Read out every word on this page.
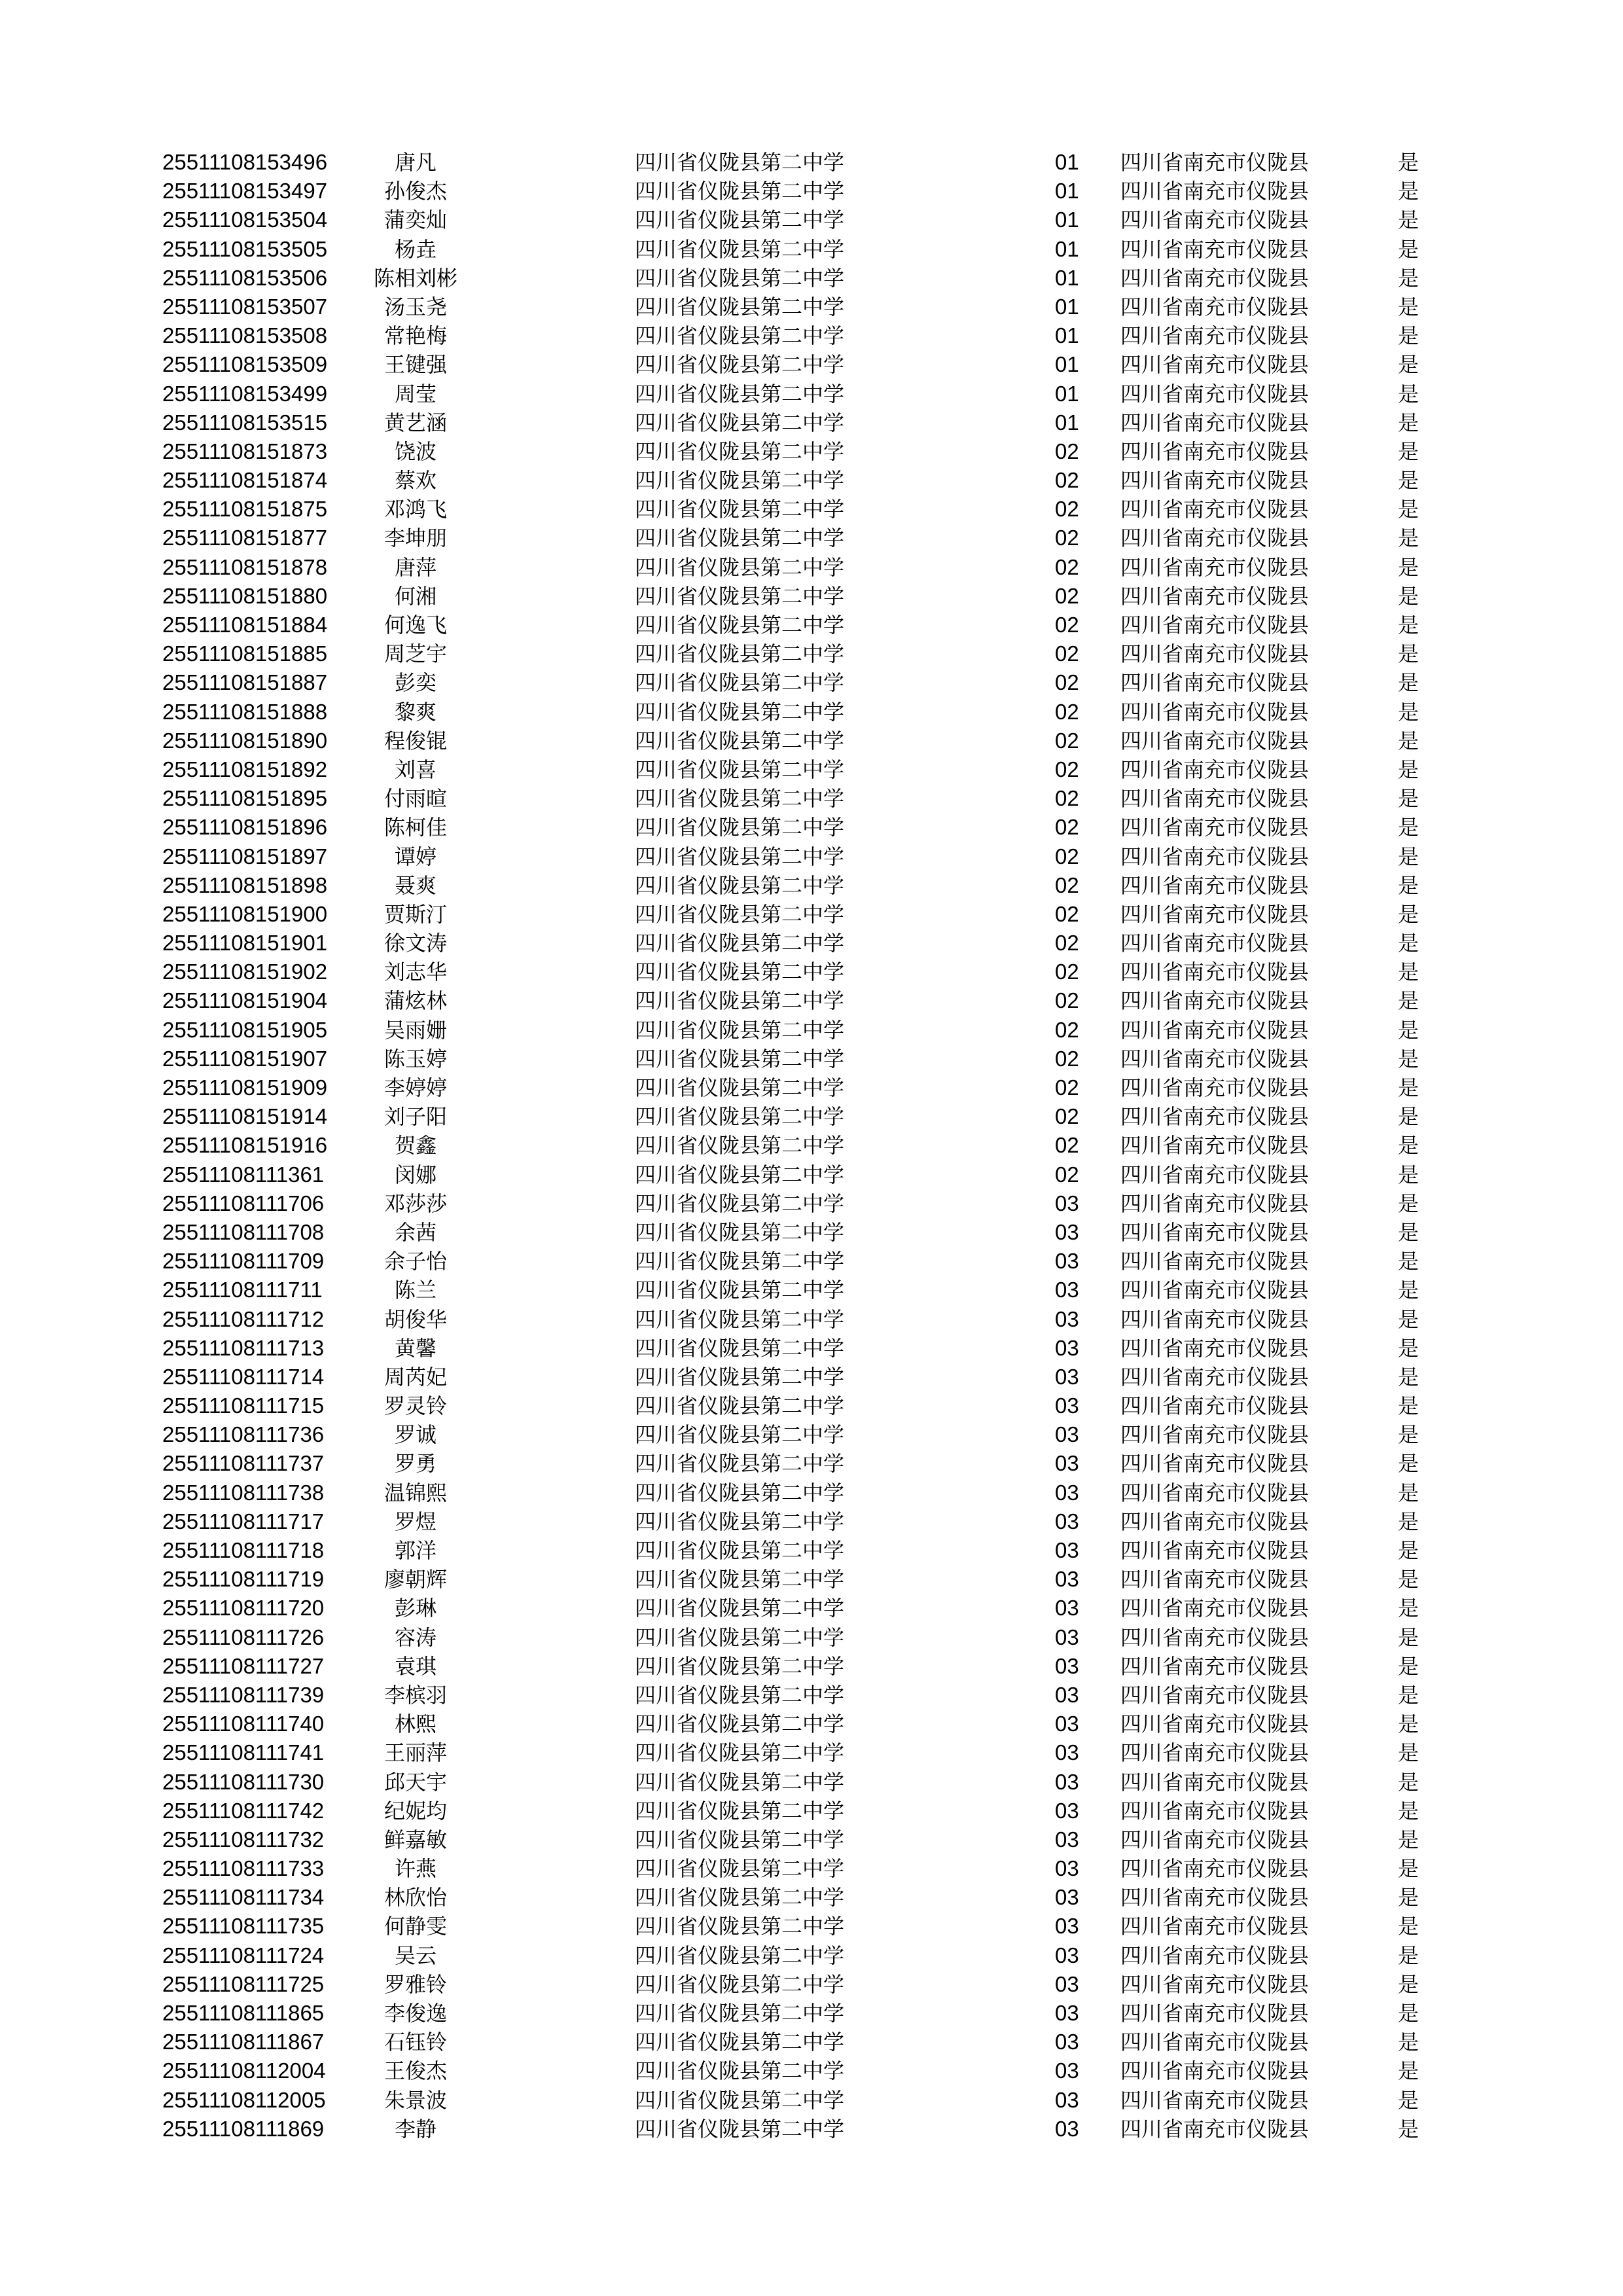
25511108153496	唐凡	四川省仪陇县第二中学	01 四川省南充市仪陇县	是
25511108153497	孙俊杰	四川省仪陇县第二中学	01 四川省南充市仪陇县	是
25511108153504	蒲奕灿	四川省仪陇县第二中学	01 四川省南充市仪陇县	是
25511108153505	杨垚	四川省仪陇县第二中学	01 四川省南充市仪陇县	是
25511108153506	陈相刘彬	四川省仪陇县第二中学	01 四川省南充市仪陇县	是
25511108153507	汤玉尧	四川省仪陇县第二中学	01 四川省南充市仪陇县	是
25511108153508	常艳梅	四川省仪陇县第二中学	01 四川省南充市仪陇县	是
25511108153509	王键强	四川省仪陇县第二中学	01 四川省南充市仪陇县	是
25511108153499	周莹	四川省仪陇县第二中学	01 四川省南充市仪陇县	是
25511108153515	黄艺涵	四川省仪陇县第二中学	01 四川省南充市仪陇县	是
25511108151873	饶波	四川省仪陇县第二中学	02 四川省南充市仪陇县	是
25511108151874	蔡欢	四川省仪陇县第二中学	02 四川省南充市仪陇县	是
25511108151875	邓鸿飞	四川省仪陇县第二中学	02 四川省南充市仪陇县	是
25511108151877	李坤朋	四川省仪陇县第二中学	02 四川省南充市仪陇县	是
25511108151878	唐萍	四川省仪陇县第二中学	02 四川省南充市仪陇县	是
25511108151880	何湘	四川省仪陇县第二中学	02 四川省南充市仪陇县	是
25511108151884	何逸飞	四川省仪陇县第二中学	02 四川省南充市仪陇县	是
25511108151885	周芝宇	四川省仪陇县第二中学	02 四川省南充市仪陇县	是
25511108151887	彭奕	四川省仪陇县第二中学	02 四川省南充市仪陇县	是
25511108151888	黎爽	四川省仪陇县第二中学	02 四川省南充市仪陇县	是
25511108151890	程俊锟	四川省仪陇县第二中学	02 四川省南充市仪陇县	是
25511108151892	刘喜	四川省仪陇县第二中学	02 四川省南充市仪陇县	是
25511108151895	付雨暄	四川省仪陇县第二中学	02 四川省南充市仪陇县	是
25511108151896	陈柯佳	四川省仪陇县第二中学	02 四川省南充市仪陇县	是
25511108151897	谭婷	四川省仪陇县第二中学	02 四川省南充市仪陇县	是
25511108151898	聂爽	四川省仪陇县第二中学	02 四川省南充市仪陇县	是
25511108151900	贾斯汀	四川省仪陇县第二中学	02 四川省南充市仪陇县	是
25511108151901	徐文涛	四川省仪陇县第二中学	02 四川省南充市仪陇县	是
25511108151902	刘志华	四川省仪陇县第二中学	02 四川省南充市仪陇县	是
25511108151904	蒲炫林	四川省仪陇县第二中学	02 四川省南充市仪陇县	是
25511108151905	吴雨姗	四川省仪陇县第二中学	02 四川省南充市仪陇县	是
25511108151907	陈玉婷	四川省仪陇县第二中学	02 四川省南充市仪陇县	是
25511108151909	李婷婷	四川省仪陇县第二中学	02 四川省南充市仪陇县	是
25511108151914	刘子阳	四川省仪陇县第二中学	02 四川省南充市仪陇县	是
25511108151916	贺鑫	四川省仪陇县第二中学	02 四川省南充市仪陇县	是
25511108111361	闵娜	四川省仪陇县第二中学	02 四川省南充市仪陇县	是
25511108111706	邓莎莎	四川省仪陇县第二中学	03 四川省南充市仪陇县	是
25511108111708	余茜	四川省仪陇县第二中学	03 四川省南充市仪陇县	是
25511108111709	余子怡	四川省仪陇县第二中学	03 四川省南充市仪陇县	是
25511108111711	陈兰	四川省仪陇县第二中学	03 四川省南充市仪陇县	是
25511108111712	胡俊华	四川省仪陇县第二中学	03 四川省南充市仪陇县	是
25511108111713	黄馨	四川省仪陇县第二中学	03 四川省南充市仪陇县	是
25511108111714	周芮妃	四川省仪陇县第二中学	03 四川省南充市仪陇县	是
25511108111715	罗灵铃	四川省仪陇县第二中学	03 四川省南充市仪陇县	是
25511108111736	罗诚	四川省仪陇县第二中学	03 四川省南充市仪陇县	是
25511108111737	罗勇	四川省仪陇县第二中学	03 四川省南充市仪陇县	是
25511108111738	温锦熙	四川省仪陇县第二中学	03 四川省南充市仪陇县	是
25511108111717	罗煜	四川省仪陇县第二中学	03 四川省南充市仪陇县	是
25511108111718	郭洋	四川省仪陇县第二中学	03 四川省南充市仪陇县	是
25511108111719	廖朝辉	四川省仪陇县第二中学	03 四川省南充市仪陇县	是
25511108111720	彭琳	四川省仪陇县第二中学	03 四川省南充市仪陇县	是
25511108111726	容涛	四川省仪陇县第二中学	03 四川省南充市仪陇县	是
25511108111727	袁琪	四川省仪陇县第二中学	03 四川省南充市仪陇县	是
25511108111739	李槟羽	四川省仪陇县第二中学	03 四川省南充市仪陇县	是
25511108111740	林熙	四川省仪陇县第二中学	03 四川省南充市仪陇县	是
25511108111741	王丽萍	四川省仪陇县第二中学	03 四川省南充市仪陇县	是
25511108111730	邱天宇	四川省仪陇县第二中学	03 四川省南充市仪陇县	是
25511108111742	纪妮均	四川省仪陇县第二中学	03 四川省南充市仪陇县	是
25511108111732	鲜嘉敏	四川省仪陇县第二中学	03 四川省南充市仪陇县	是
25511108111733	许燕	四川省仪陇县第二中学	03 四川省南充市仪陇县	是
25511108111734	林欣怡	四川省仪陇县第二中学	03 四川省南充市仪陇县	是
25511108111735	何静雯	四川省仪陇县第二中学	03 四川省南充市仪陇县	是
25511108111724	吴云	四川省仪陇县第二中学	03 四川省南充市仪陇县	是
25511108111725	罗雅铃	四川省仪陇县第二中学	03 四川省南充市仪陇县	是
25511108111865	李俊逸	四川省仪陇县第二中学	03 四川省南充市仪陇县	是
25511108111867	石钰铃	四川省仪陇县第二中学	03 四川省南充市仪陇县	是
25511108112004	王俊杰	四川省仪陇县第二中学	03 四川省南充市仪陇县	是
25511108112005	朱景波	四川省仪陇县第二中学	03 四川省南充市仪陇县	是
25511108111869	李静	四川省仪陇县第二中学	03 四川省南充市仪陇县	是
